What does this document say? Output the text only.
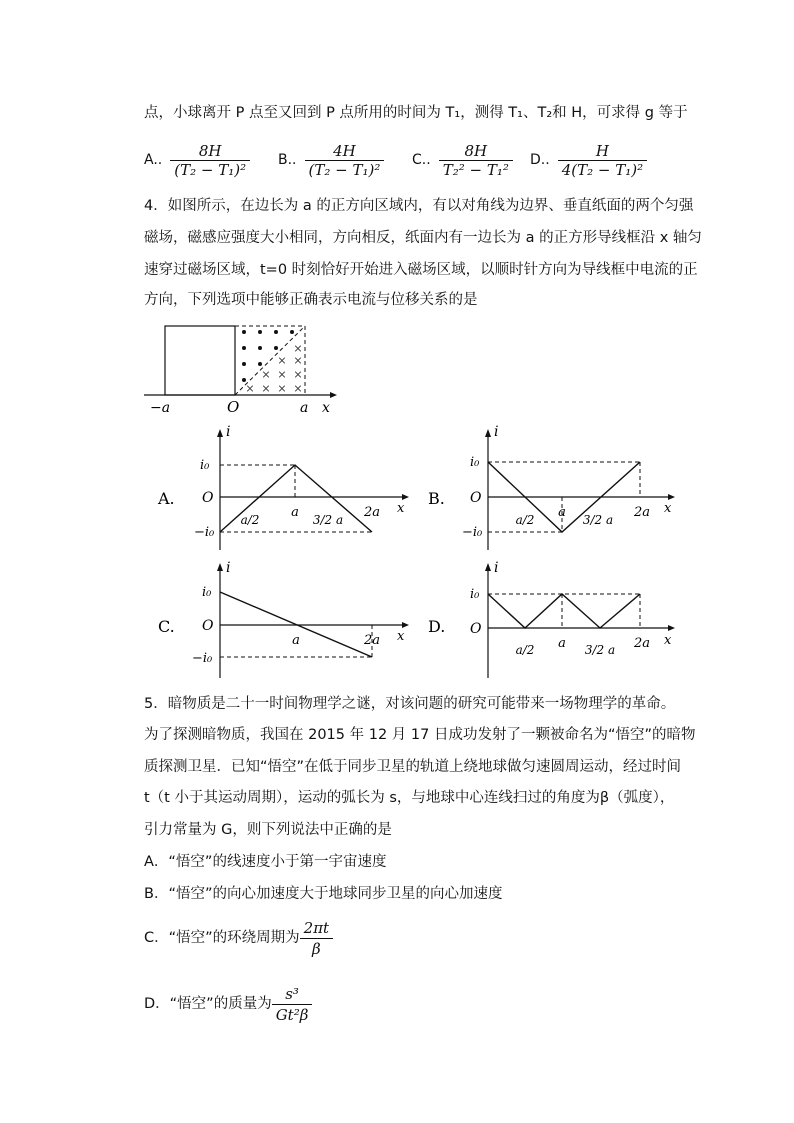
点，小球离开 P 点至又回到 P 点所用的时间为 T₁，测得 T₁、T₂和 H，可求得 g 等于
A.. $\frac{8H}{\text{(T₂ − T₁)²}} B$.. $\frac{4H}{\text{(T₂ − T₁)²}} C$.. $\frac{8H}{\text{T₂² − T₁²}} D$.. $\frac{H}{\text{4(T₂ − T₁)²}}$
4．如图所示，在边长为 a 的正方向区域内，有以对角线为边界、垂直纸面的两个匀强
磁场，磁感应强度大小相同，方向相反，纸面内有一边长为 a 的正方形导线框沿 x 轴匀
速穿过磁场区域，t=0 时刻恰好开始进入磁场区域，以顺时针方向为导线框中电流的正
方向，下列选项中能够正确表示电流与位移关系的是
×
× ×
× × ×
× × × ×
−a	O	a x
A.
i
O
x
i₀
−i₀
a/2 a 3/2 a 2a
B.
i
O
x
i₀
−i₀
a/2 a 3/2 a 2a
C.
i
O
x
i₀
−i₀
a	2a
D.
i
O
x
i₀
a/2 a 3/2 a 2a
5．暗物质是二十一时间物理学之谜，对该问题的研究可能带来一场物理学的革命。
为了探测暗物质，我国在 2015 年 12 月 17 日成功发射了一颗被命名为“悟空”的暗物
质探测卫星．已知“悟空”在低于同步卫星的轨道上绕地球做匀速圆周运动，经过时间
t（t 小于其运动周期），运动的弧长为 s，与地球中心连线扫过的角度为β（弧度），
引力常量为 G，则下列说法中正确的是
A．“悟空”的线速度小于第一宇宙速度
B．“悟空”的向心加速度大于地球同步卫星的向心加速度
C．“悟空”的环绕周期为 $\frac{2\pi t}{\beta}$
D．“悟空”的质量为 $\frac{\text{s³}}{\text{Gt²β}}$
